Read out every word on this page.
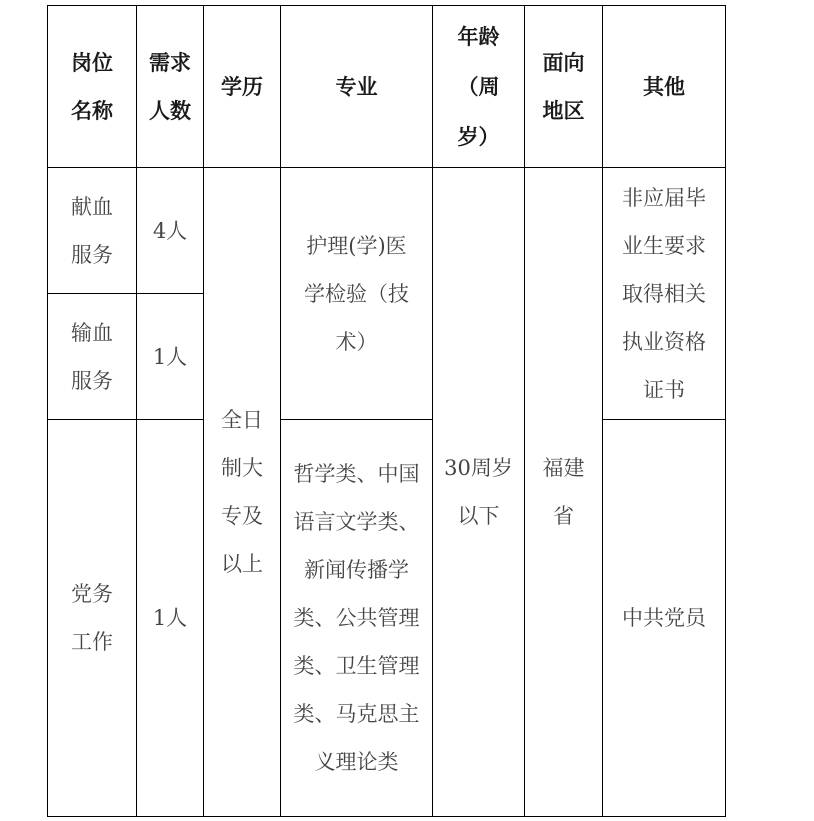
岗位名称	需求人数	学历	专业	年龄（周岁）	面向地区	其他
献血服务	4人	全日制大专及以上	护理(学)医学检验（技术）	30周岁以下	福建省	非应届毕业生要求取得相关执业资格证书
输血服务	1人					
党务工作	1人		哲学类、中国语言文学类、新闻传播学类、公共管理类、卫生管理类、马克思主义理论类			中共党员
